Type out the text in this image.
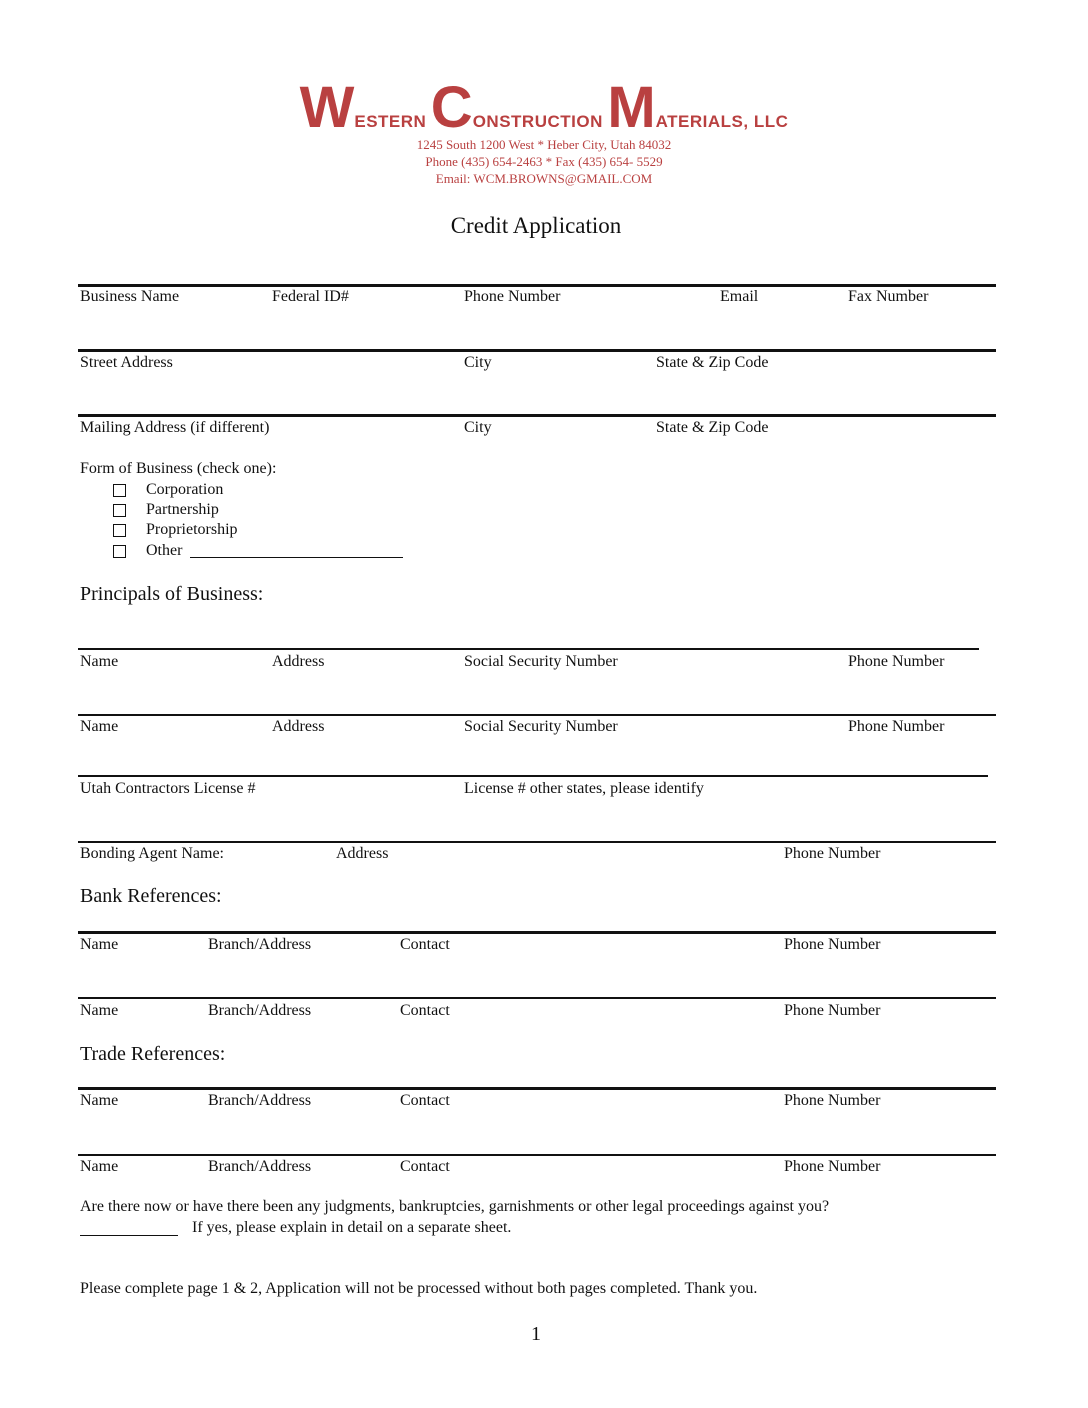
WESTERN CONSTRUCTION MATERIALS, LLC
1245 South 1200 West * Heber City, Utah 84032
Phone (435) 654-2463 * Fax (435) 654- 5529
Email: WCM.BROWNS@GMAIL.COM
Credit Application
Business Name	Federal ID#	Phone Number	Email	Fax Number
Street Address	City	State & Zip Code
Mailing Address (if different)	City	State & Zip Code
Form of Business (check one):
Corporation
Partnership
Proprietorship
Other
Principals of Business:
Name	Address	Social Security Number	Phone Number
Name	Address	Social Security Number	Phone Number
Utah Contractors License #	License # other states, please identify
Bonding Agent Name:	Address	Phone Number
Bank References:
Name	Branch/Address	Contact	Phone Number
Name	Branch/Address	Contact	Phone Number
Trade References:
Name	Branch/Address	Contact	Phone Number
Name	Branch/Address	Contact	Phone Number
Are there now or have there been any judgments, bankruptcies, garnishments or other legal proceedings against you?
If yes, please explain in detail on a separate sheet.
Please complete page 1 & 2, Application will not be processed without both pages completed. Thank you.
1
